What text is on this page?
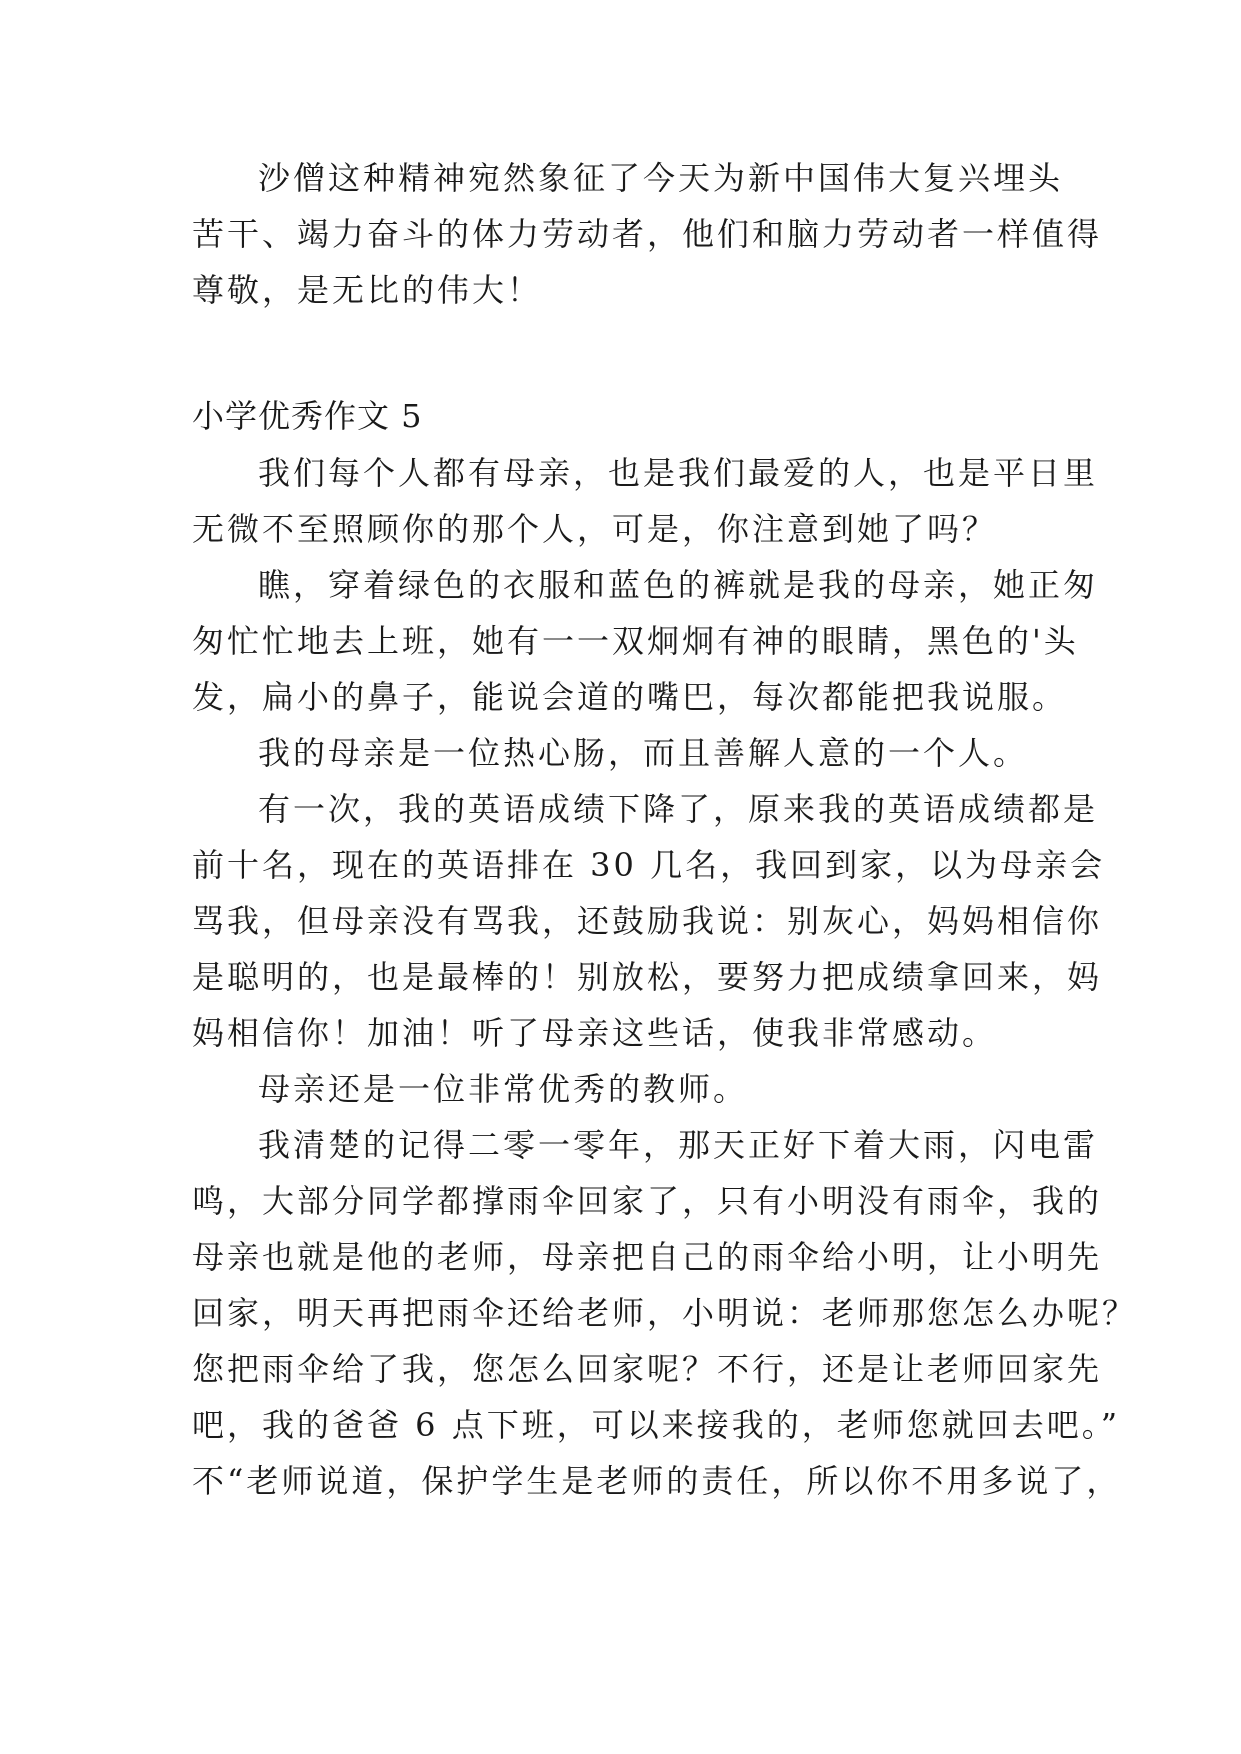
沙僧这种精神宛然象征了今天为新中国伟大复兴埋头
苦干、竭力奋斗的体力劳动者，他们和脑力劳动者一样值得
尊敬，是无比的伟大！
小学优秀作文 5
我们每个人都有母亲，也是我们最爱的人，也是平日里
无微不至照顾你的那个人，可是，你注意到她了吗？
瞧，穿着绿色的衣服和蓝色的裤就是我的母亲，她正匆
匆忙忙地去上班，她有一一双炯炯有神的眼睛，黑色的'头
发，扁小的鼻子，能说会道的嘴巴，每次都能把我说服。
我的母亲是一位热心肠，而且善解人意的一个人。
有一次，我的英语成绩下降了，原来我的英语成绩都是
前十名，现在的英语排在 30 几名，我回到家，以为母亲会
骂我，但母亲没有骂我，还鼓励我说：别灰心，妈妈相信你
是聪明的，也是最棒的！别放松，要努力把成绩拿回来，妈
妈相信你！加油！听了母亲这些话，使我非常感动。
母亲还是一位非常优秀的教师。
我清楚的记得二零一零年，那天正好下着大雨，闪电雷
鸣，大部分同学都撑雨伞回家了，只有小明没有雨伞，我的
母亲也就是他的老师，母亲把自己的雨伞给小明，让小明先
回家，明天再把雨伞还给老师，小明说：老师那您怎么办呢？
您把雨伞给了我，您怎么回家呢？不行，还是让老师回家先
吧，我的爸爸 6 点下班，可以来接我的，老师您就回去吧。”
不“老师说道，保护学生是老师的责任，所以你不用多说了，
